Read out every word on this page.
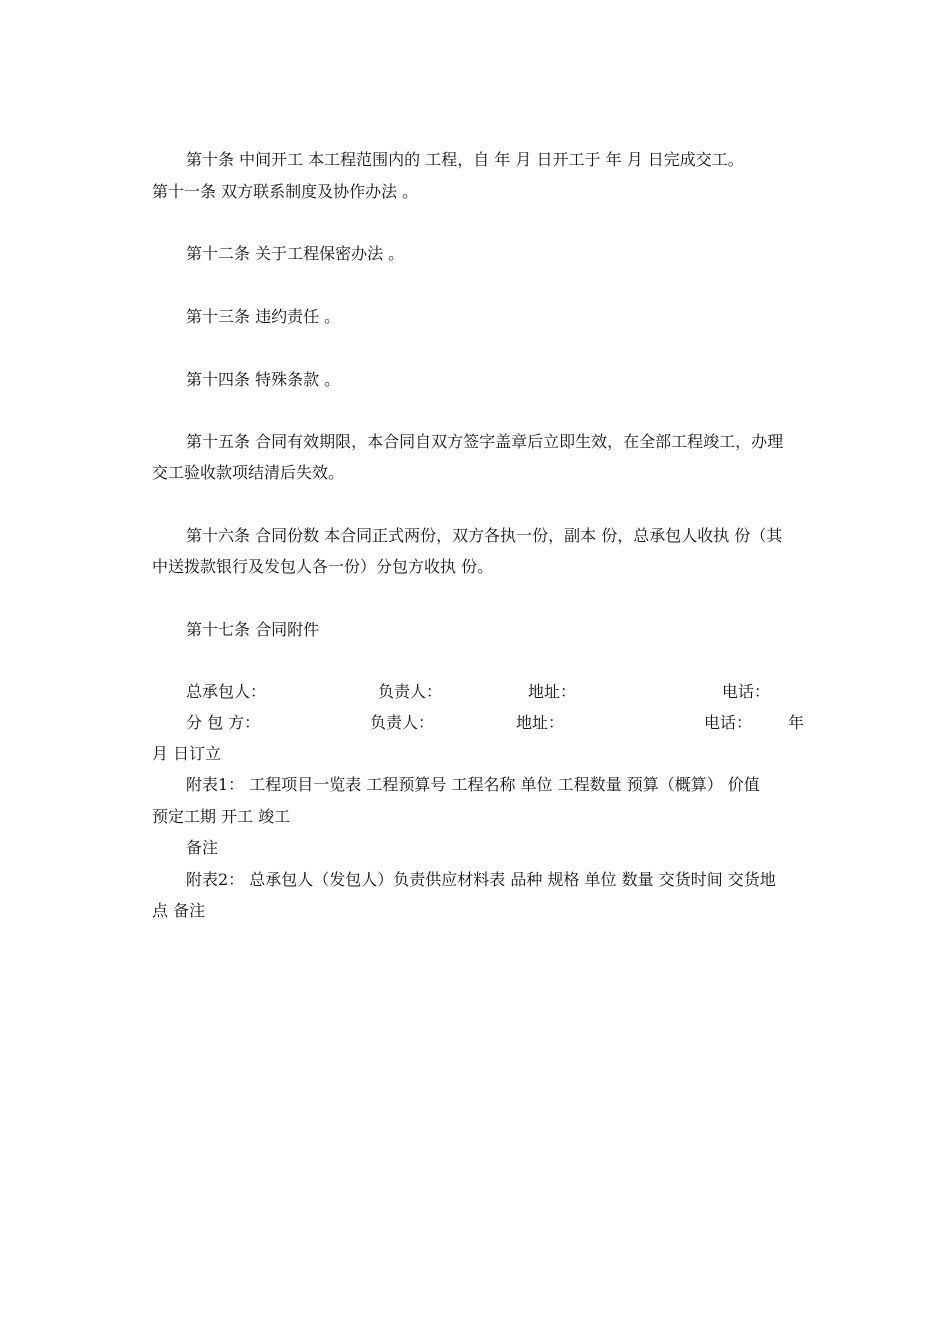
第十条 中间开工 本工程范围内的 工程，自 年 月 日开工于 年 月 日完成交工。
第十一条 双方联系制度及协作办法 。
第十二条 关于工程保密办法 。
第十三条 违约责任 。
第十四条 特殊条款 。
第十五条 合同有效期限，本合同自双方签字盖章后立即生效，在全部工程竣工，办理
交工验收款项结清后失效。
第十六条 合同份数 本合同正式两份，双方各执一份，副本 份，总承包人收执 份（其
中送拨款银行及发包人各一份）分包方收执 份。
第十七条 合同附件
总承包人：	负责人：	地址：	电话：
分 包 方：	负责人：	地址：	电话： 年
月 日订立
附表1： 工程项目一览表 工程预算号 工程名称 单位 工程数量 预算（概算） 价值
预定工期 开工 竣工
备注
附表2： 总承包人（发包人）负责供应材料表 品种 规格 单位 数量 交货时间 交货地
点 备注
